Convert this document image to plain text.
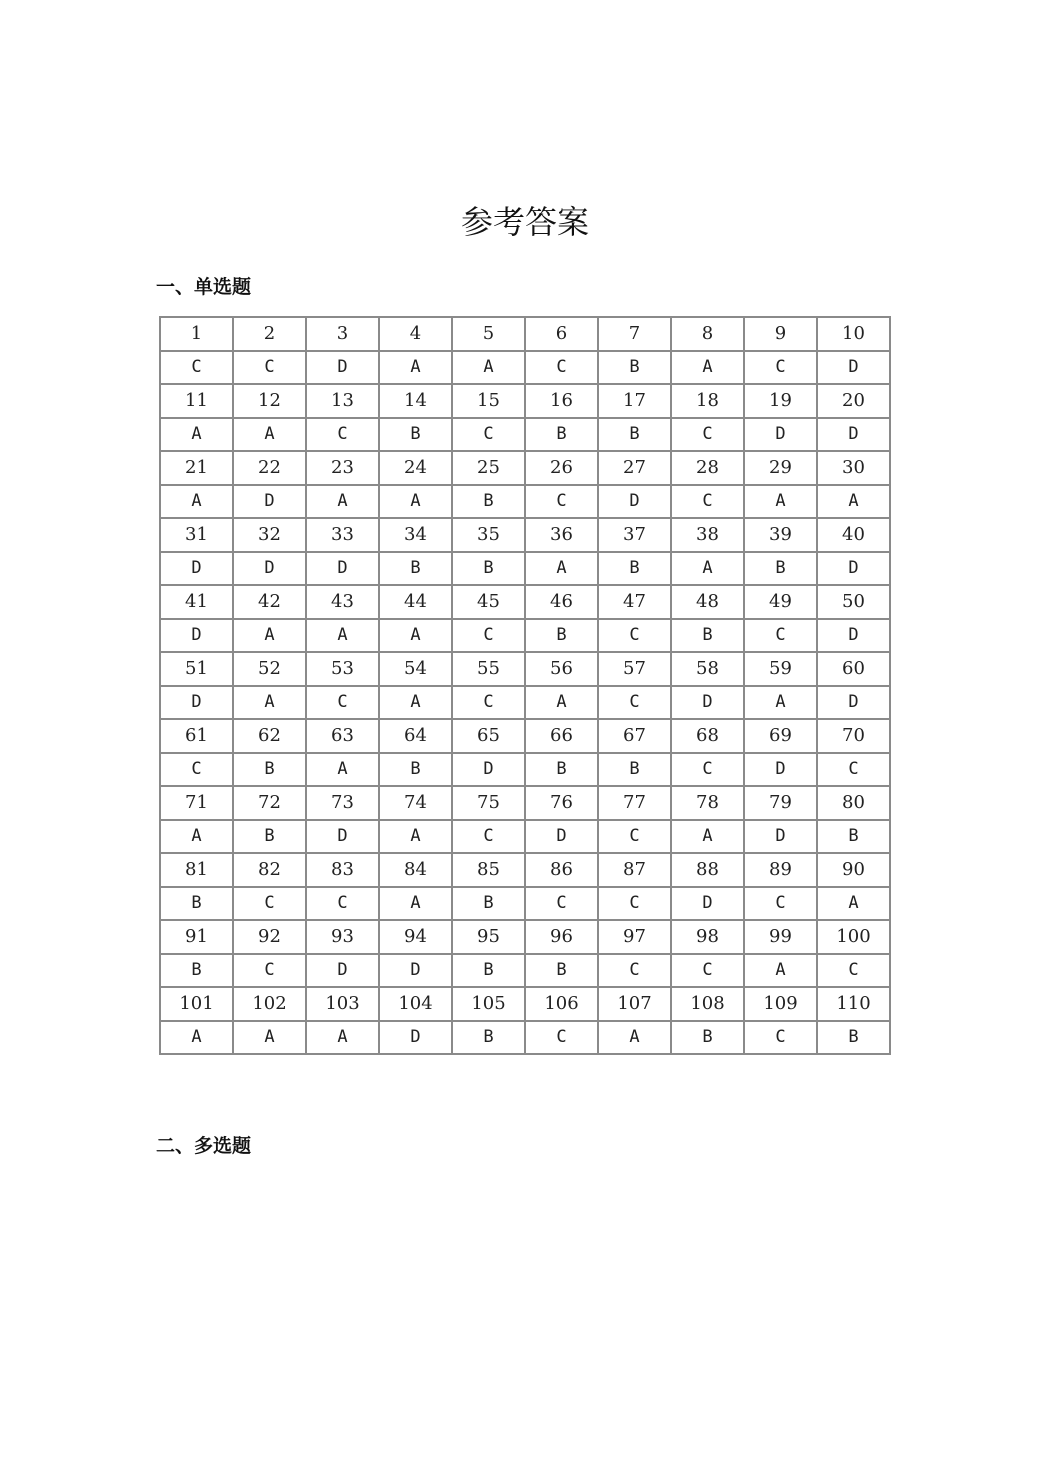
参考答案
一、单选题
1	2	3	4	5	6	7	8	9	10
C	C	D	A	A	C	B	A	C	D
11	12	13	14	15	16	17	18	19	20
A	A	C	B	C	B	B	C	D	D
21	22	23	24	25	26	27	28	29	30
A	D	A	A	B	C	D	C	A	A
31	32	33	34	35	36	37	38	39	40
D	D	D	B	B	A	B	A	B	D
41	42	43	44	45	46	47	48	49	50
D	A	A	A	C	B	C	B	C	D
51	52	53	54	55	56	57	58	59	60
D	A	C	A	C	A	C	D	A	D
61	62	63	64	65	66	67	68	69	70
C	B	A	B	D	B	B	C	D	C
71	72	73	74	75	76	77	78	79	80
A	B	D	A	C	D	C	A	D	B
81	82	83	84	85	86	87	88	89	90
B	C	C	A	B	C	C	D	C	A
91	92	93	94	95	96	97	98	99	100
B	C	D	D	B	B	C	C	A	C
101	102	103	104	105	106	107	108	109	110
A	A	A	D	B	C	A	B	C	B
二、多选题
